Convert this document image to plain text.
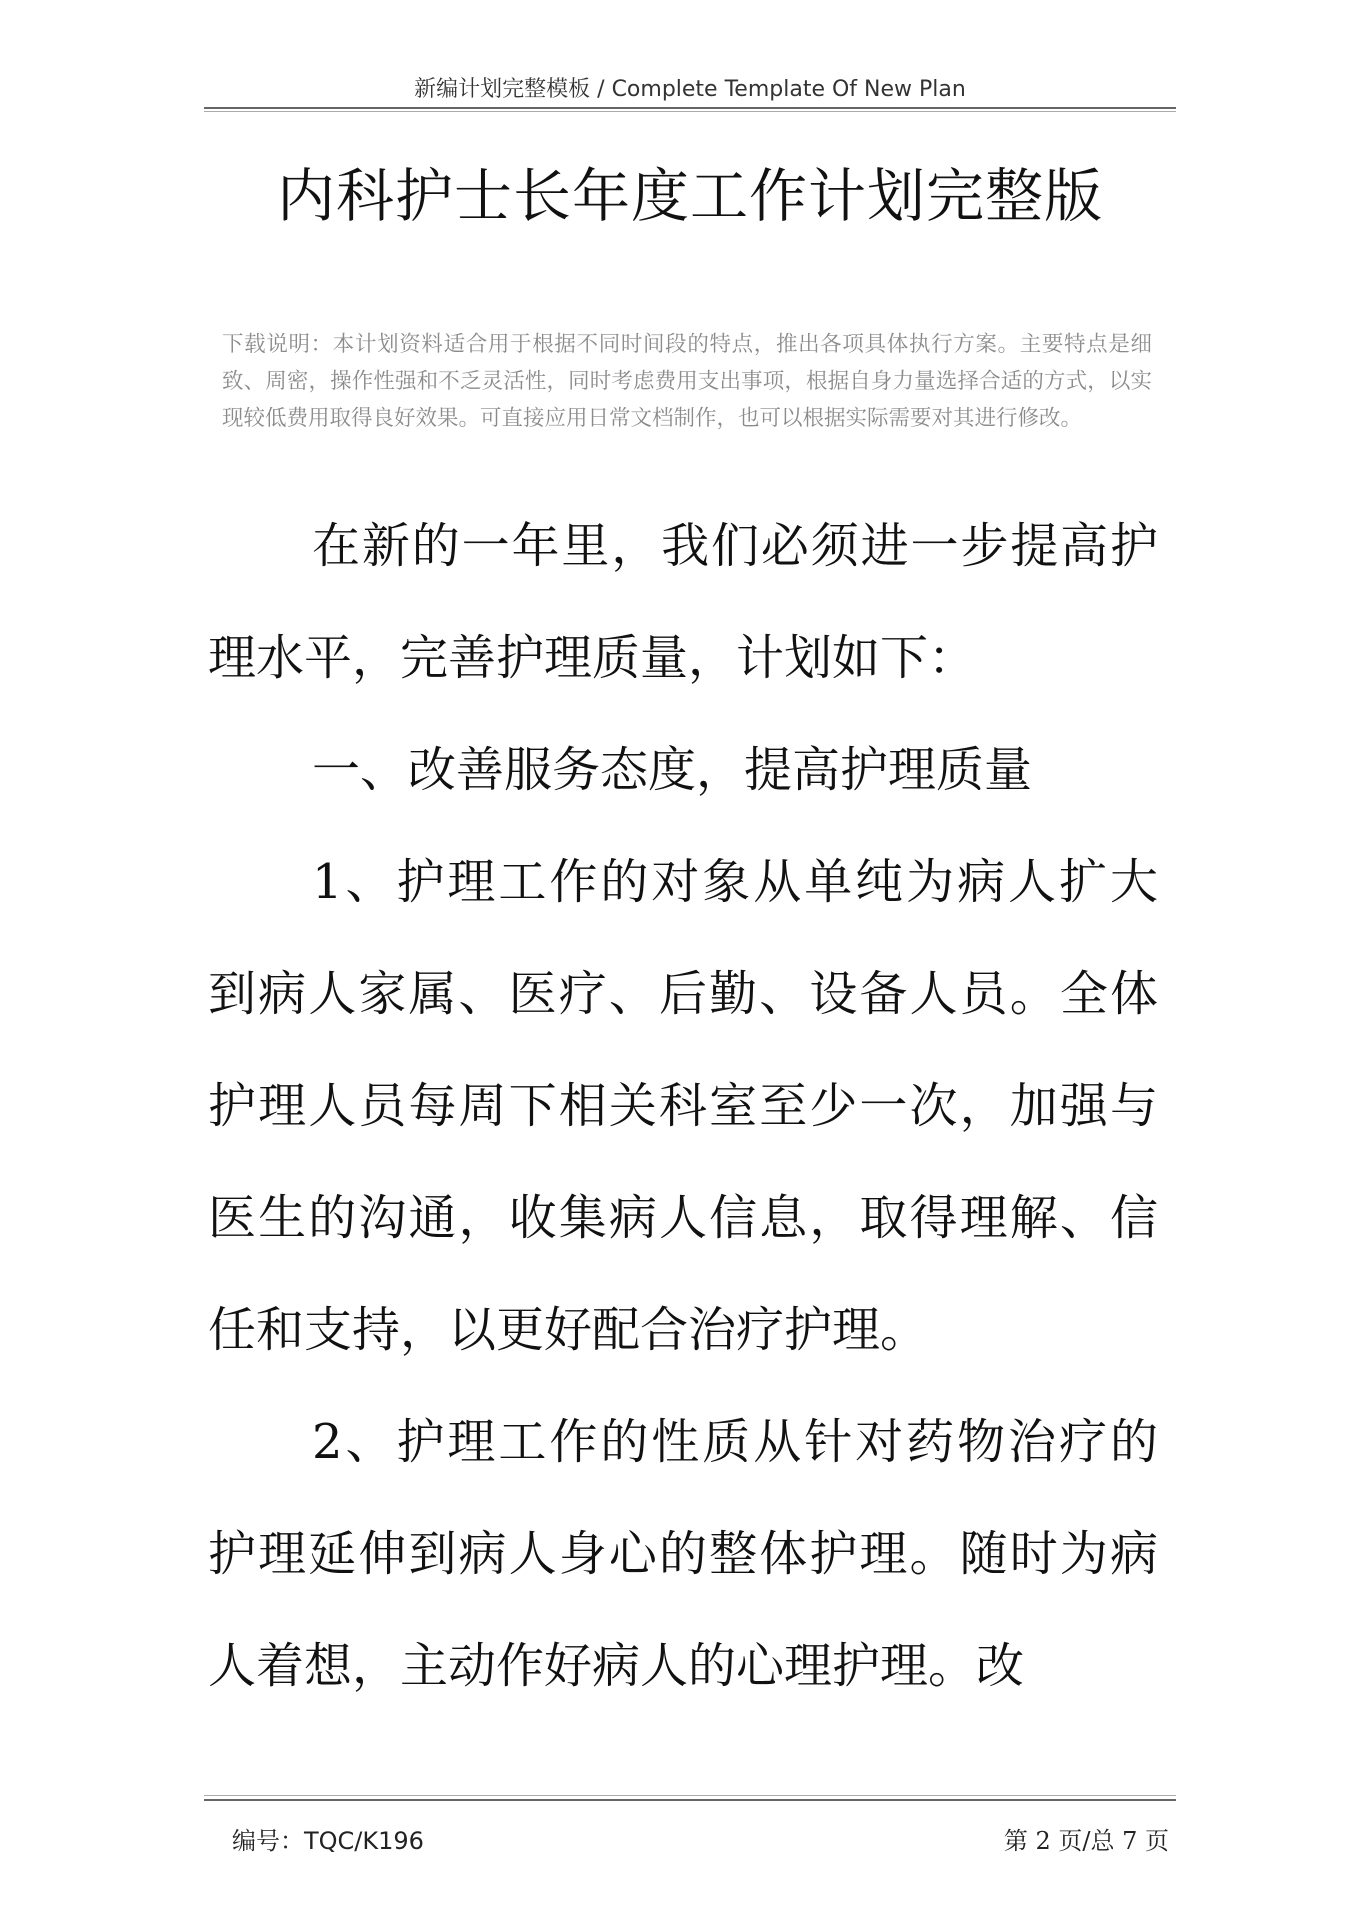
新编计划完整模板 / Complete Template Of New Plan
内科护士长年度工作计划完整版

下载说明：本计划资料适合用于根据不同时间段的特点，推出各项具体执行方案。主要特点是细致、周密，操作性强和不乏灵活性，同时考虑费用支出事项，根据自身力量选择合适的方式，以实现较低费用取得良好效果。可直接应用日常文档制作，也可以根据实际需要对其进行修改。

在新的一年里，我们必须进一步提高护理水平，完善护理质量，计划如下：

一、改善服务态度，提高护理质量

1、护理工作的对象从单纯为病人扩大到病人家属、医疗、后勤、设备人员。全体护理人员每周下相关科室至少一次，加强与医生的沟通，收集病人信息，取得理解、信任和支持，以更好配合治疗护理。

2、护理工作的性质从针对药物治疗的护理延伸到病人身心的整体护理。随时为病人着想，主动作好病人的心理护理。改

编号：TQC/K196	第 2 页/总 7 页
